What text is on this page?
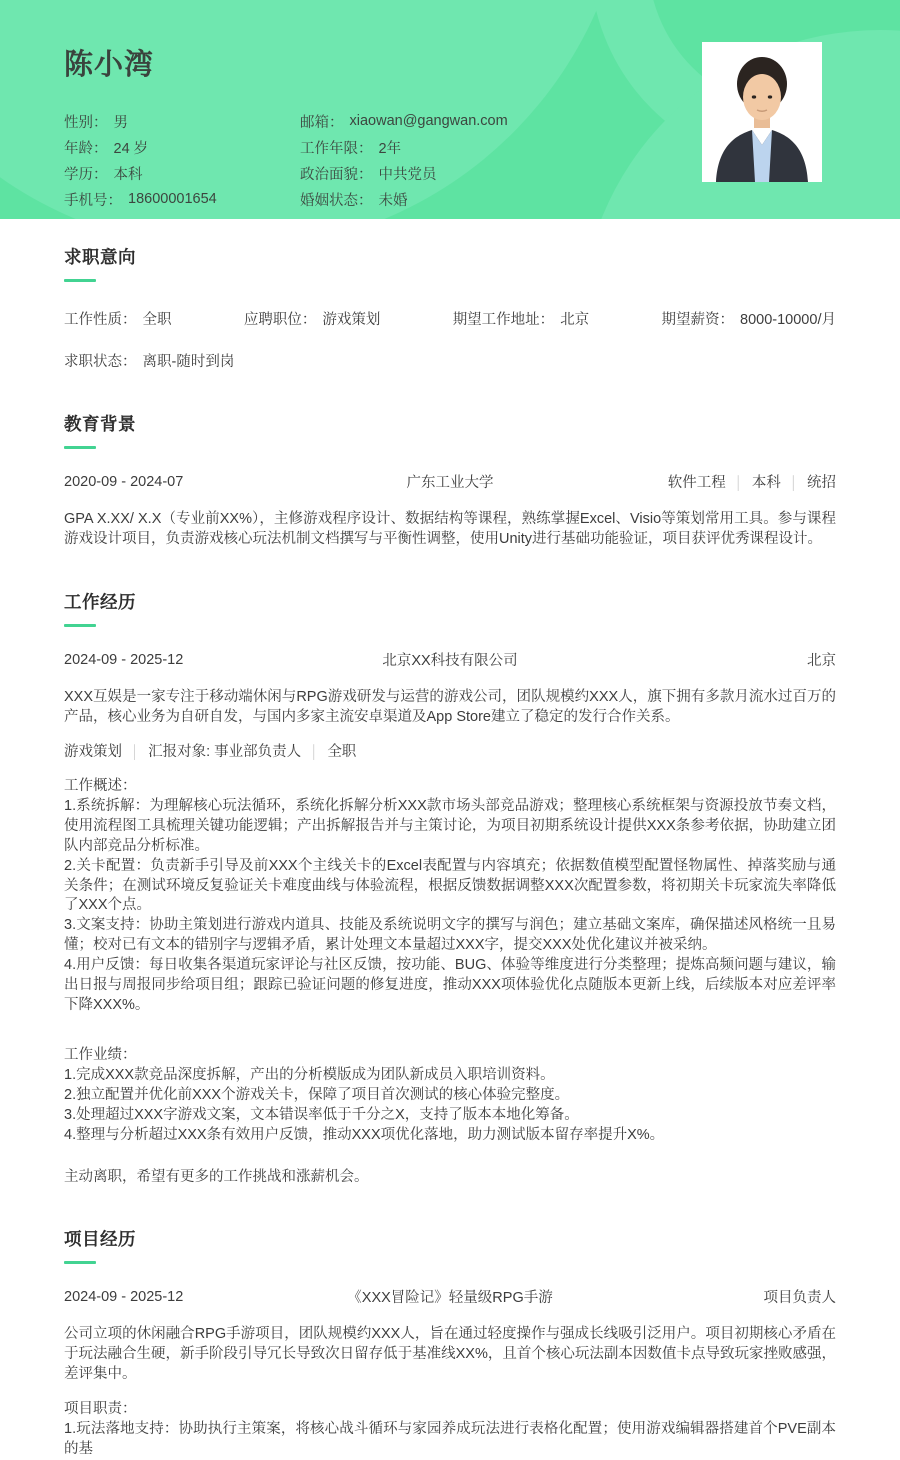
陈小湾
性别： 男
年龄： 24 岁
学历： 本科
手机号： 18600001654
邮箱： xiaowan@gangwan.com
工作年限： 2年
政治面貌： 中共党员
婚姻状态： 未婚
求职意向
工作性质： 全职	应聘职位： 游戏策划	期望工作地址： 北京	期望薪资： 8000-10000/月
求职状态： 离职-随时到岗
教育背景
2020-09 - 2024-07	广东工业大学	软件工程 │ 本科 │ 统招
GPA X.XX/ X.X（专业前XX%），主修游戏程序设计、数据结构等课程，熟练掌握Excel、Visio等策划常用工具。参与课程游戏设计项目，负责游戏核心玩法机制文档撰写与平衡性调整，使用Unity进行基础功能验证，项目获评优秀课程设计。
工作经历
2024-09 - 2025-12	北京XX科技有限公司	北京
XXX互娱是一家专注于移动端休闲与RPG游戏研发与运营的游戏公司，团队规模约XXX人，旗下拥有多款月流水过百万的产品，核心业务为自研自发，与国内多家主流安卓渠道及App Store建立了稳定的发行合作关系。
游戏策划 │ 汇报对象: 事业部负责人 │ 全职
工作概述：
1.系统拆解：为理解核心玩法循环，系统化拆解分析XXX款市场头部竞品游戏；整理核心系统框架与资源投放节奏文档，使用流程图工具梳理关键功能逻辑；产出拆解报告并与主策讨论，为项目初期系统设计提供XXX条参考依据，协助建立团队内部竞品分析标准。
2.关卡配置：负责新手引导及前XXX个主线关卡的Excel表配置与内容填充；依据数值模型配置怪物属性、掉落奖励与通关条件；在测试环境反复验证关卡难度曲线与体验流程，根据反馈数据调整XXX次配置参数，将初期关卡玩家流失率降低了XXX个点。
3.文案支持：协助主策划进行游戏内道具、技能及系统说明文字的撰写与润色；建立基础文案库，确保描述风格统一且易懂；校对已有文本的错别字与逻辑矛盾，累计处理文本量超过XXX字，提交XXX处优化建议并被采纳。
4.用户反馈：每日收集各渠道玩家评论与社区反馈，按功能、BUG、体验等维度进行分类整理；提炼高频问题与建议，输出日报与周报同步给项目组；跟踪已验证问题的修复进度，推动XXX项体验优化点随版本更新上线，后续版本对应差评率下降XXX%。
工作业绩：
1.完成XXX款竞品深度拆解，产出的分析模版成为团队新成员入职培训资料。
2.独立配置并优化前XXX个游戏关卡，保障了项目首次测试的核心体验完整度。
3.处理超过XXX字游戏文案，文本错误率低于千分之X，支持了版本本地化筹备。
4.整理与分析超过XXX条有效用户反馈，推动XXX项优化落地，助力测试版本留存率提升X%。
主动离职，希望有更多的工作挑战和涨薪机会。
项目经历
2024-09 - 2025-12	《XXX冒险记》轻量级RPG手游	项目负责人
公司立项的休闲融合RPG手游项目，团队规模约XXX人，旨在通过轻度操作与强成长线吸引泛用户。项目初期核心矛盾在于玩法融合生硬，新手阶段引导冗长导致次日留存低于基准线XX%，且首个核心玩法副本因数值卡点导致玩家挫败感强，差评集中。
项目职责：
1.玩法落地支持：协助执行主策案，将核心战斗循环与家园养成玩法进行表格化配置；使用游戏编辑器搭建首个PVE副本的基
